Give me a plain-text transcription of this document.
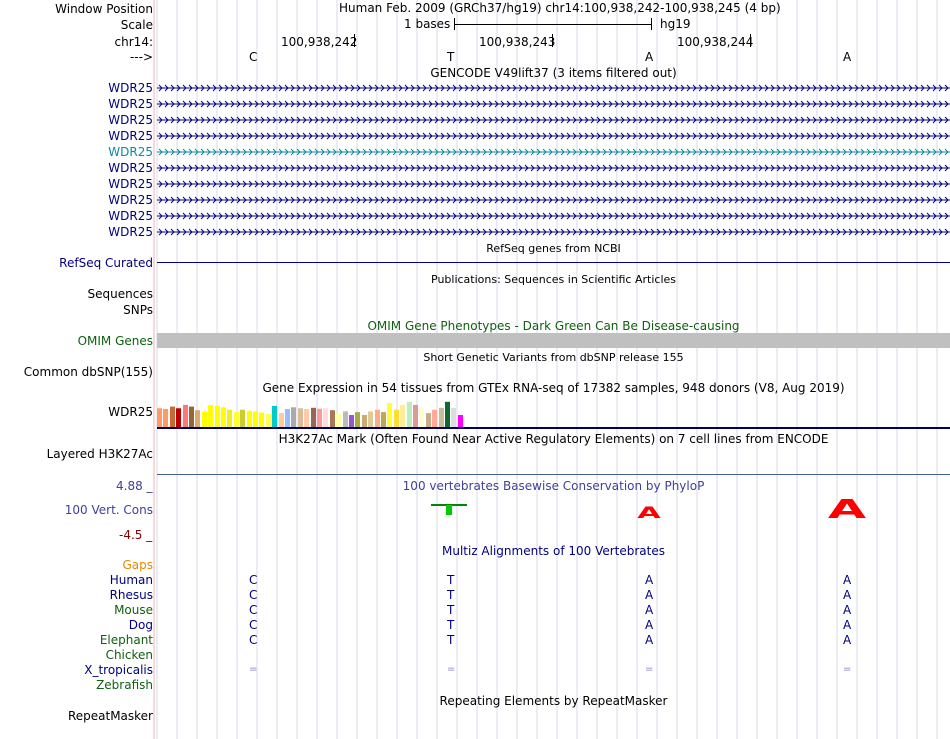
Window Position	Human Feb. 2009 (GRCh37/hg19) chr14:100,938,242-100,938,245 (4 bp)
Scale	1 bases	hg19
chr14:	100,938,242	100,938,243	100,938,244
--->	C	T	A	A
GENCODE V49lift37 (3 items filtered out)
WDR25
WDR25
WDR25
WDR25
WDR25
WDR25
WDR25
WDR25
WDR25
WDR25
RefSeq genes from NCBI
RefSeq Curated
Publications: Sequences in Scientific Articles
Sequences
SNPs
OMIM Gene Phenotypes - Dark Green Can Be Disease-causing
OMIM Genes
Short Genetic Variants from dbSNP release 155
Common dbSNP(155)
Gene Expression in 54 tissues from GTEx RNA-seq of 17382 samples, 948 donors (V8, Aug 2019)
WDR25
H3K27Ac Mark (Often Found Near Active Regulatory Elements) on 7 cell lines from ENCODE
Layered H3K27Ac
100 vertebrates Basewise Conservation by PhyloP
4.88 _
100 Vert. Cons
-4.5 _
A	A
Multiz Alignments of 100 Vertebrates
Gaps
Human	C	T	A	A
Rhesus	C	T	A	A
Mouse	C	T	A	A
Dog	C	T	A	A
Elephant	C	T	A	A
Chicken
X_tropicalis	=	=	=	=
Zebrafish
Repeating Elements by RepeatMasker
RepeatMasker
